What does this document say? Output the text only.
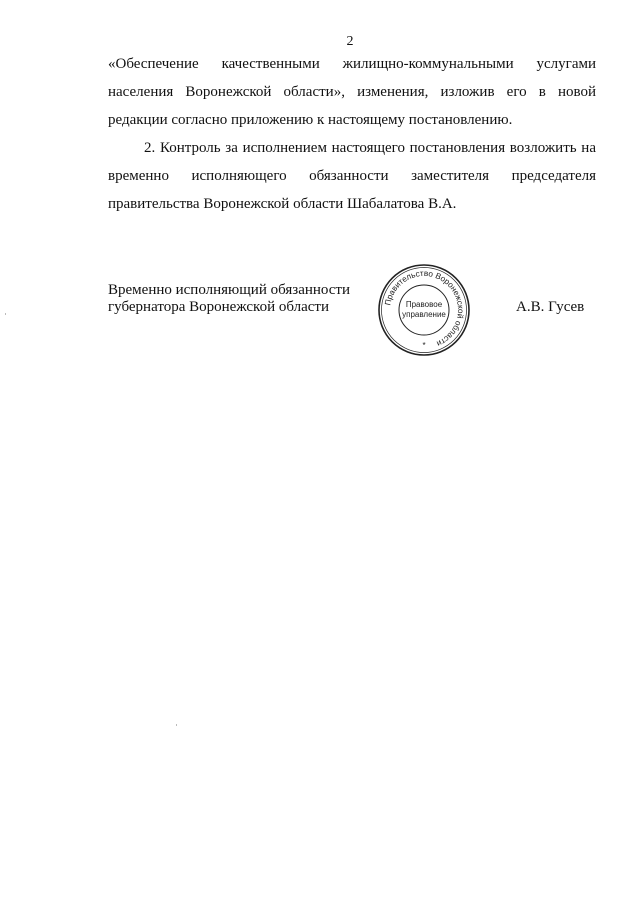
2
«Обеспечение качественными жилищно-коммунальными услугами
населения Воронежской области», изменения, изложив его в новой
редакции согласно приложению к настоящему постановлению.
2. Контроль за исполнением настоящего постановления возложить на
временно исполняющего обязанности заместителя председателя
правительства Воронежской области Шабалатова В.А.
Временно исполняющий обязанности
губернатора Воронежской области	А.В. Гусев
Правительство Воронежской области
Правовое
управление
*
